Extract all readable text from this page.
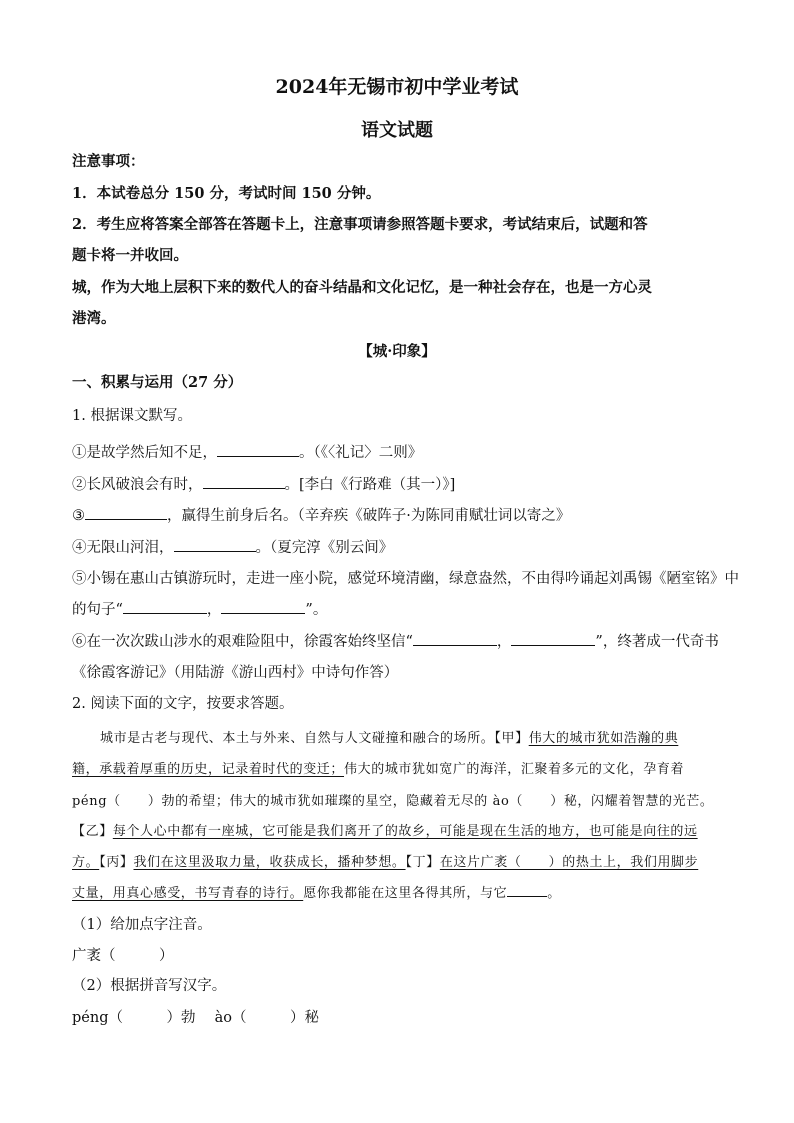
2024年无锡市初中学业考试
语文试题
注意事项：
1．本试卷总分 150 分，考试时间 150 分钟。
2．考生应将答案全部答在答题卡上，注意事项请参照答题卡要求，考试结束后，试题和答
题卡将一并收回。
城，作为大地上层积下来的数代人的奋斗结晶和文化记忆，是一种社会存在，也是一方心灵
港湾。
【城·印象】
一、积累与运用（27 分）
1. 根据课文默写。
①是故学然后知不足，	。（《〈礼记〉二则》
②长风破浪会有时，	。[李白《行路难（其一）》]
③	，赢得生前身后名。（辛弃疾《破阵子·为陈同甫赋壮词以寄之》
④无限山河泪，	。（夏完淳《别云间》
⑤小锡在惠山古镇游玩时，走进一座小院，感觉环境清幽，绿意盎然，不由得吟诵起刘禹锡《陋室铭》中
的句子“	，	”。
⑥在一次次跋山涉水的艰难险阻中，徐霞客始终坚信“	，	”，终著成一代奇书
《徐霞客游记》（用陆游《游山西村》中诗句作答）
2. 阅读下面的文字，按要求答题。
城市是古老与现代、本土与外来、自然与人文碰撞和融合的场所。【甲】伟大的城市犹如浩瀚的典
籍，承载着厚重的历史，记录着时代的变迁；伟大的城市犹如宽广的海洋，汇聚着多元的文化，孕育着
péng（　　）勃的希望；伟大的城市犹如璀璨的星空，隐藏着无尽的 ào（　　）秘，闪耀着智慧的光芒。
【乙】每个人心中都有一座城，它可能是我们离开了的故乡，可能是现在生活的地方，也可能是向往的远
方。【丙】我们在这里汲取力量，收获成长，播种梦想。【丁】在这片广袤（　　）的热土上，我们用脚步
丈量，用真心感受，书写青春的诗行。愿你我都能在这里各得其所，与它	。
（1）给加点字注音。
广袤（　　　）
（2）根据拼音写汉字。
péng（　　　）勃　 ào（　　　）秘
